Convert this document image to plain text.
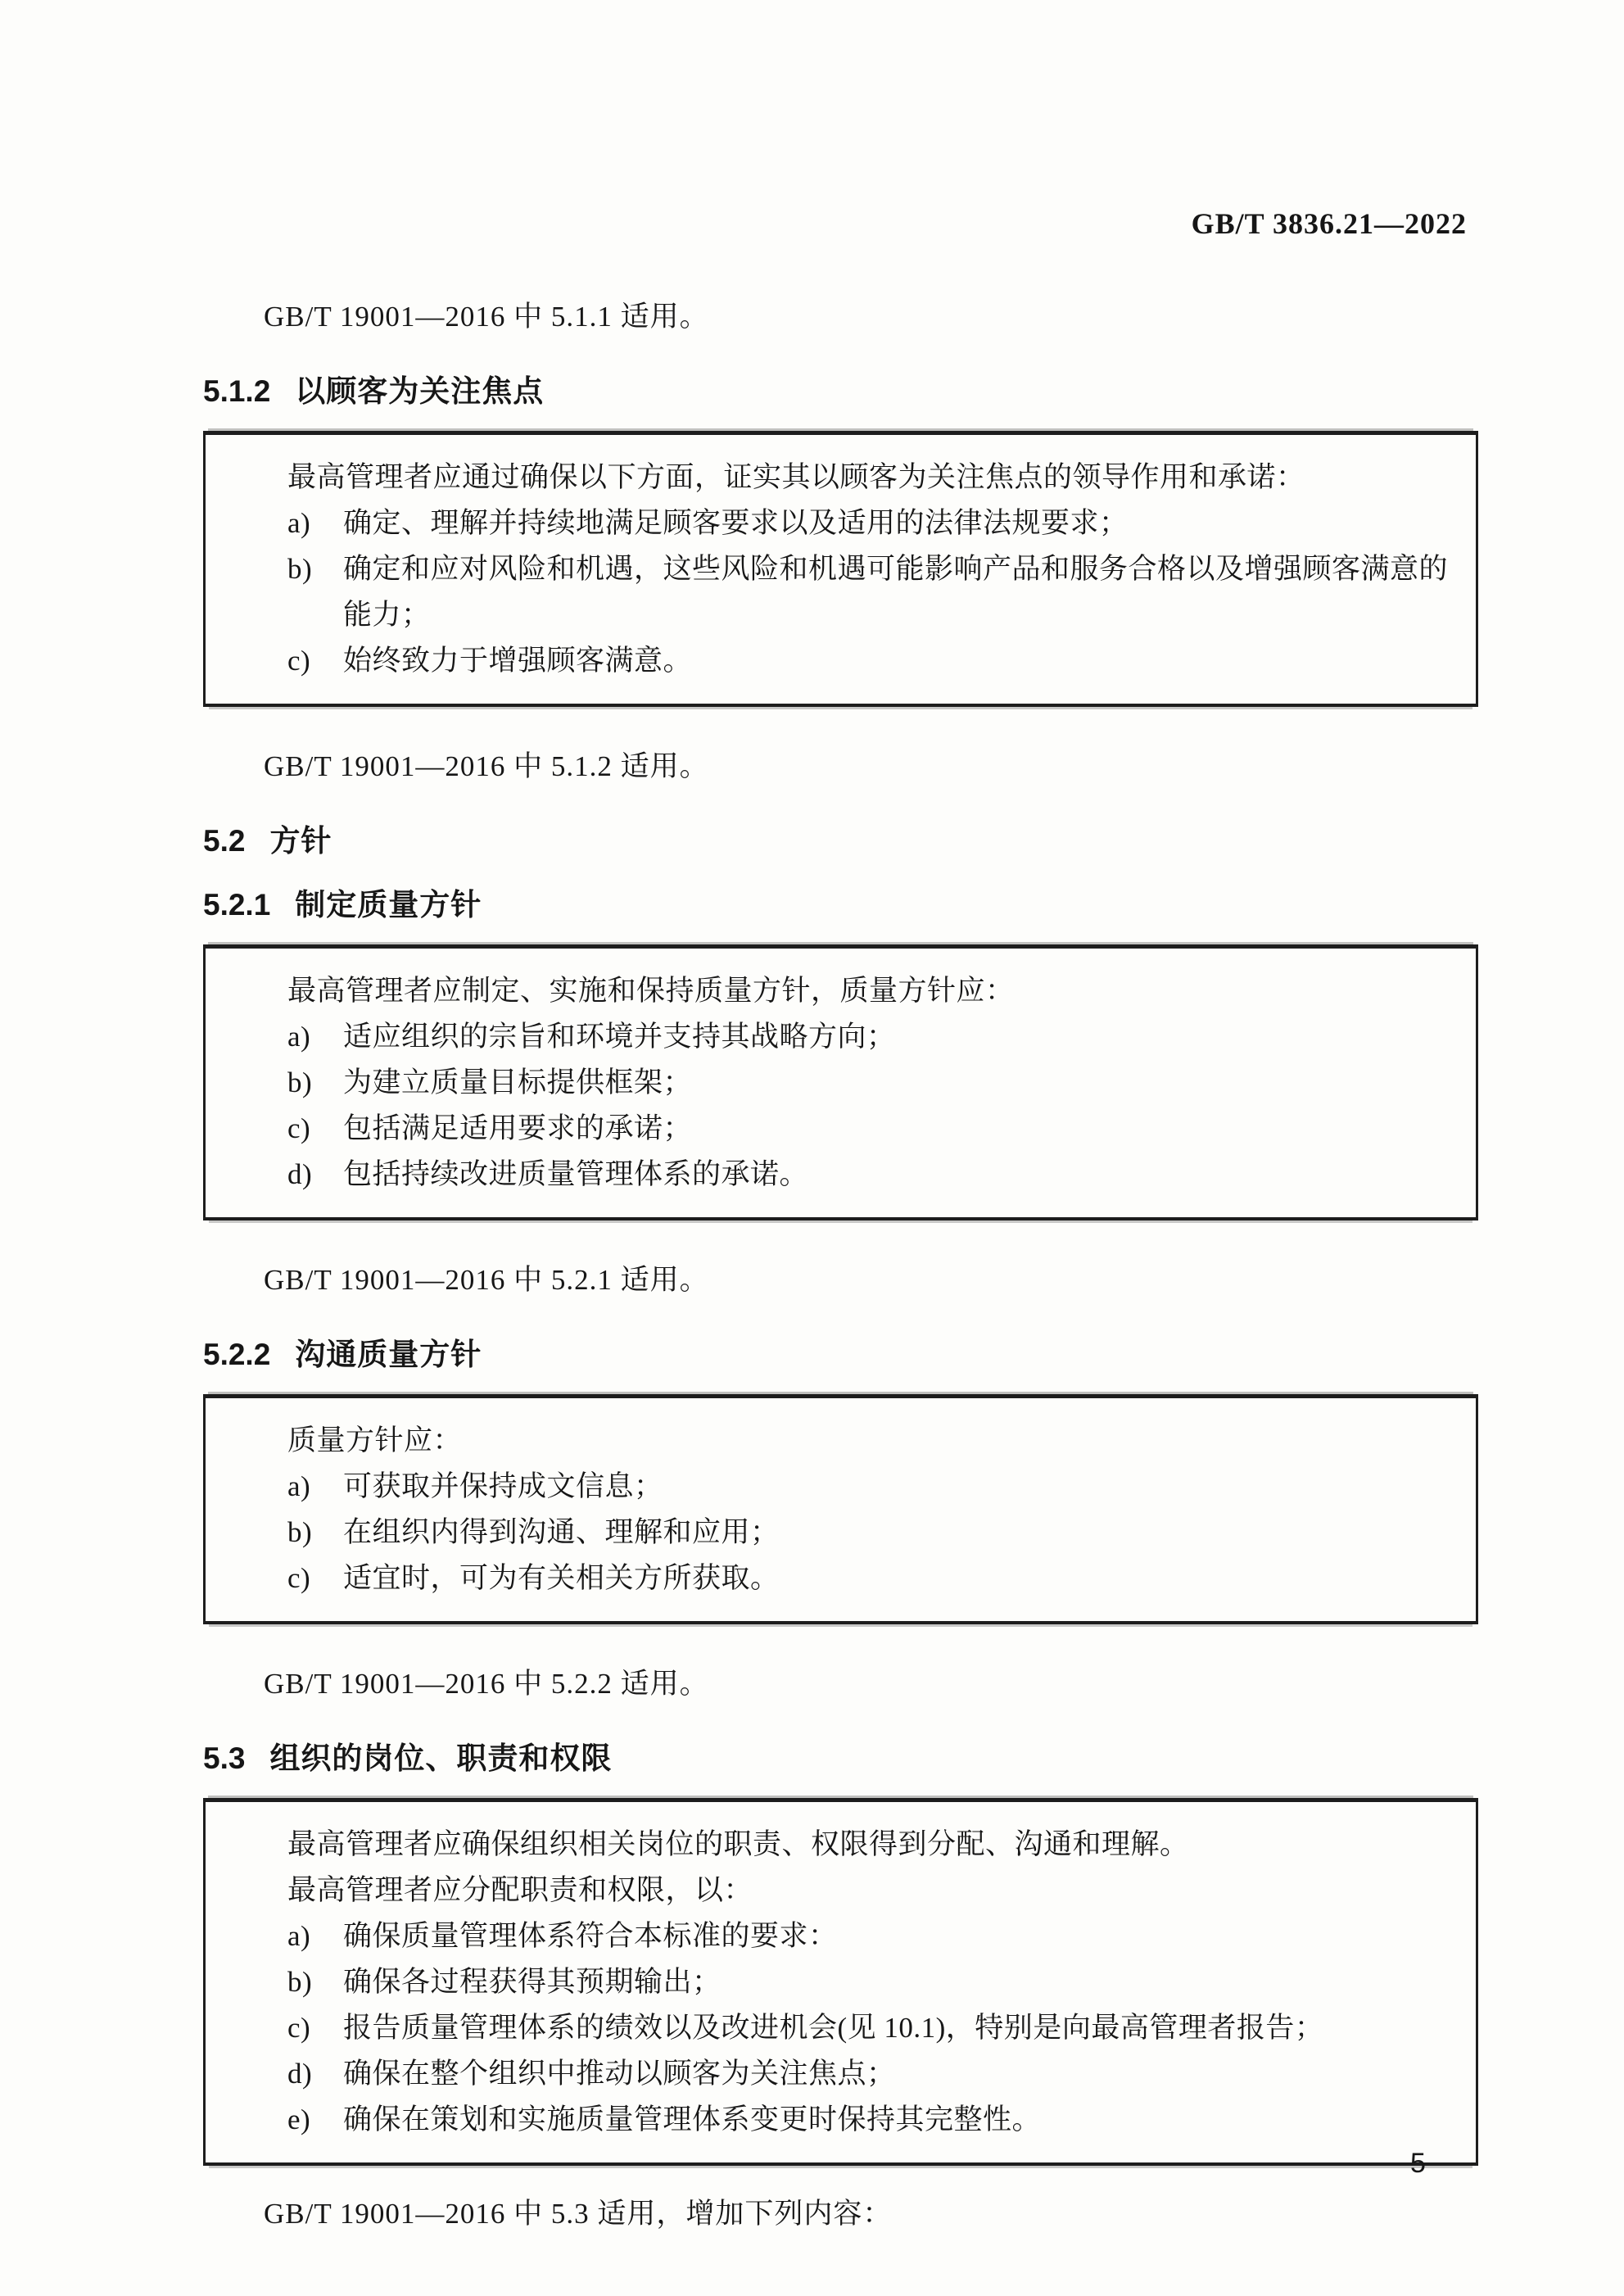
GB/T 3836.21—2022

GB/T 19001—2016 中 5.1.1 适用。

5.1.2 以顾客为关注焦点

最高管理者应通过确保以下方面，证实其以顾客为关注焦点的领导作用和承诺：

a) 确定、理解并持续地满足顾客要求以及适用的法律法规要求；

b) 确定和应对风险和机遇，这些风险和机遇可能影响产品和服务合格以及增强顾客满意的能力；

c) 始终致力于增强顾客满意。

GB/T 19001—2016 中 5.1.2 适用。

5.2 方针
5.2.1 制定质量方针

最高管理者应制定、实施和保持质量方针，质量方针应：

a) 适应组织的宗旨和环境并支持其战略方向；

b) 为建立质量目标提供框架；

c) 包括满足适用要求的承诺；

d) 包括持续改进质量管理体系的承诺。

GB/T 19001—2016 中 5.2.1 适用。

5.2.2 沟通质量方针

质量方针应：

a) 可获取并保持成文信息；

b) 在组织内得到沟通、理解和应用；

c) 适宜时，可为有关相关方所获取。

GB/T 19001—2016 中 5.2.2 适用。

5.3 组织的岗位、职责和权限

最高管理者应确保组织相关岗位的职责、权限得到分配、沟通和理解。

最高管理者应分配职责和权限，以：

a) 确保质量管理体系符合本标准的要求：

b) 确保各过程获得其预期输出；

c) 报告质量管理体系的绩效以及改进机会(见 10.1)，特别是向最高管理者报告；

d) 确保在整个组织中推动以顾客为关注焦点；

e) 确保在策划和实施质量管理体系变更时保持其完整性。

GB/T 19001—2016 中 5.3 适用，增加下列内容：

5
